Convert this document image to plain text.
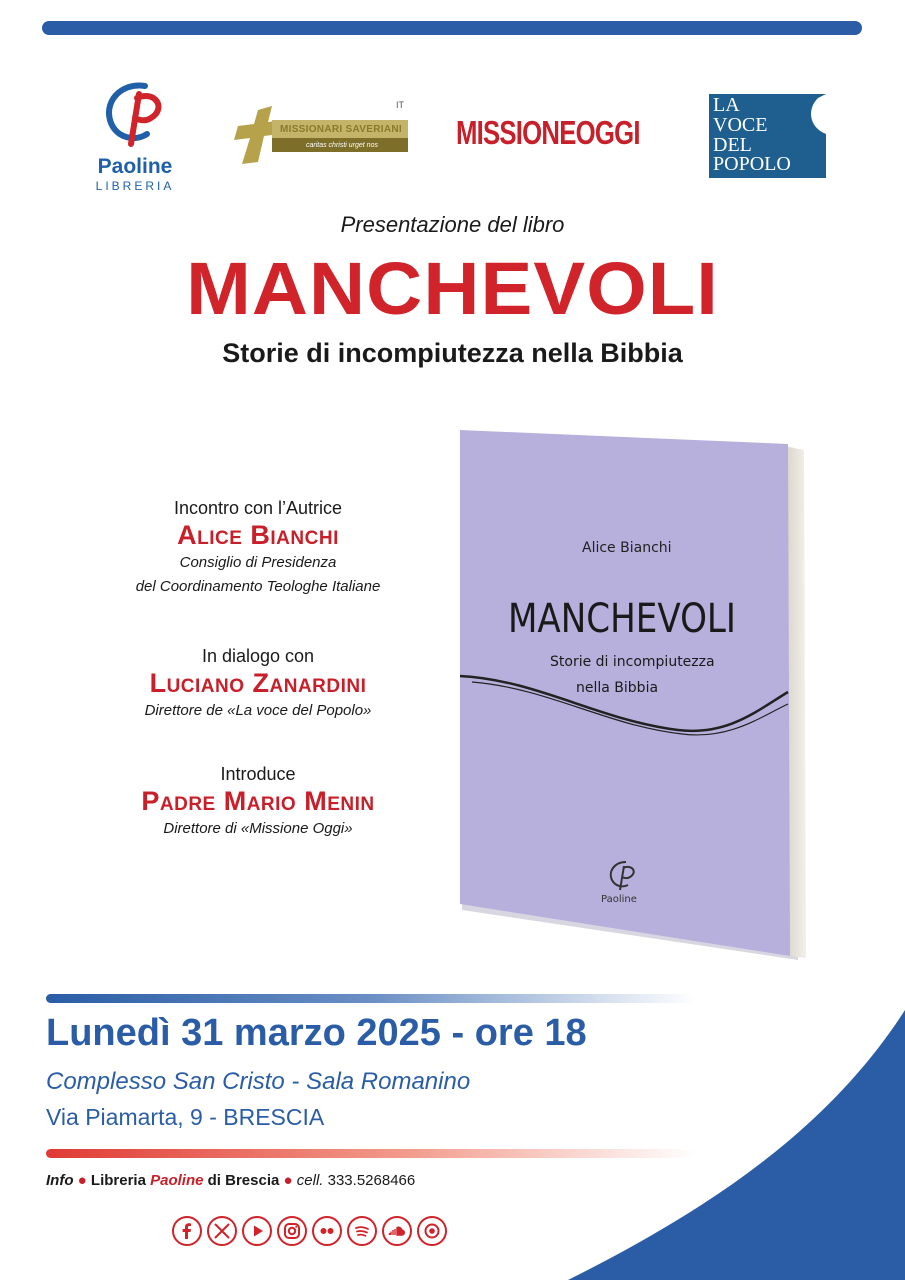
Paoline
LIBRERIA
IT
MISSIONARI SAVERIANI
caritas christi urget nos MISSIONEOGGI
LA
VOCE
DEL
POPOLO
Presentazione del libro
MANCHEVOLI
Storie di incompiutezza nella Bibbia
Incontro con l’Autrice
Alice Bianchi
Consiglio di Presidenza
del Coordinamento Teologhe Italiane
In dialogo con
Luciano Zanardini
Direttore de «La voce del Popolo»
Introduce
Padre Mario Menin
Direttore di «Missione Oggi»
Alice Bianchi
MANCHEVOLI
Storie di incompiutezza
nella Bibbia
Paoline
Lunedì 31 marzo 2025 - ore 18
Complesso San Cristo - Sala Romanino
Via Piamarta, 9 - BRESCIA
Info ● Libreria Paoline di Brescia ● cell. 333.5268466
